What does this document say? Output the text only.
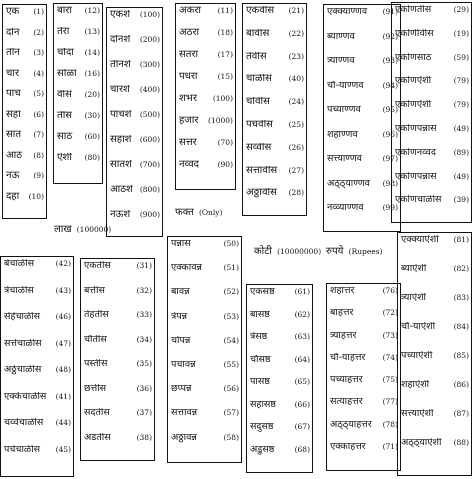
एक (1)
दोन (2)
तीन (3)
चार (4)
पाच (5)
सहा (6)
सात (7)
आठ (8)
नऊ (9)
दहा (10)
बारा (12)
तेरा (13)
चौदा (14)
सोळा (16)
वीस (20)
तीस (30)
साठ (60)
ऐंशी (80)
एकशे (100)
दोनशे (200)
तीनशे (300)
चारशे (400)
पाचशे (500)
सहाशे (600)
सातशे (700)
आठशे (800)
नऊशे (900)
अकरा (11)
अठरा (18)
सतरा	(17)
पंधरा	(15)
शंभर (100)
हजार (1000)
सत्तर	(70)
नव्वद (90)
एकवीस (21)
बावीस	(22)
तेवीस	(23)
चाळीस (40)
चोवीस (24)
पंचवीस (25)
सव्वीस (26)
सत्तावीस (27)
अठ्ठावीस (28)
एक्क्याण्णव (91)
ब्याण्णव	(92)
त्र्याण्णव	(93)
चौ-याण्णव	(94)
पंच्याण्णव	(95)
शहाण्णव	(96)
सत्त्याण्णव	(97)
अठ्ठ्याण्णव (98)
नव्व्याण्णव	(99)
एकोणतीस	(29)
एकोणीवीस	(19)
एकोणसाठ	(59)
एकोणऐंशी	(79)
एकोणऐंशी	(79)
एकोणपन्नास (49)
एकोणनव्वद (89)
एकोणपन्नास (49)
एकोणचाळीस (39)
बेचाळीस	(42)
त्रेचाळीस	(43)
सेहेचाळीस (46)
सत्तेचाळीस (47)
अठ्ठेचाळीस (48)
एक्केचाळीस (41)
चव्वेचाळीस (44)
पंचेचाळीस (45)
एकतीस	(31)
बत्तीस	(32)
तेहतीस	(33)
चौतीस	(34)
पस्तीस	(35)
छत्तीस	(36)
सदतीस	(37)
अडतीस	(38)
पन्नास	(50)
एक्कावन्न	(51)
बावन्न	(52)
त्रेपन्न	(53)
चोपन्न	(54)
पंचावन्न	(55)
छप्पन्न	(56)
सत्तावन्न	(57)
अठ्ठावन्न	(58)
एकसष्ठ	(61)
बासष्ठ	(62)
त्रेसष्ठ	(63)
चौसष्ठ	(64)
पासष्ठ	(65)
सहासष्ठ (66)
सदुसष्ठ	(67)
अडुसष्ठ	(68)
शहात्तर	(76)
बाहत्तर	(72)
त्र्याहत्तर	(73)
चौ-याहत्तर (74)
पंच्याहत्तर	(75)
सत्याहत्तर	(77)
अठ्ठ्याहत्तर (78)
एक्काहत्तर (71)
एक्क्याऐंशी (81)
ब्याऐंशी	(82)
त्र्याऐंशी	(83)
चौ-याऐंशी (84)
पंच्याऐंशी	(85)
शहाऐंशी	(86)
सत्त्याऐंशी	(87)
अठ्ठ्याऐंशी (88)
लाख (100000)
फक्त (Only)
कोटी (10000000) रुपये (Rupees)
